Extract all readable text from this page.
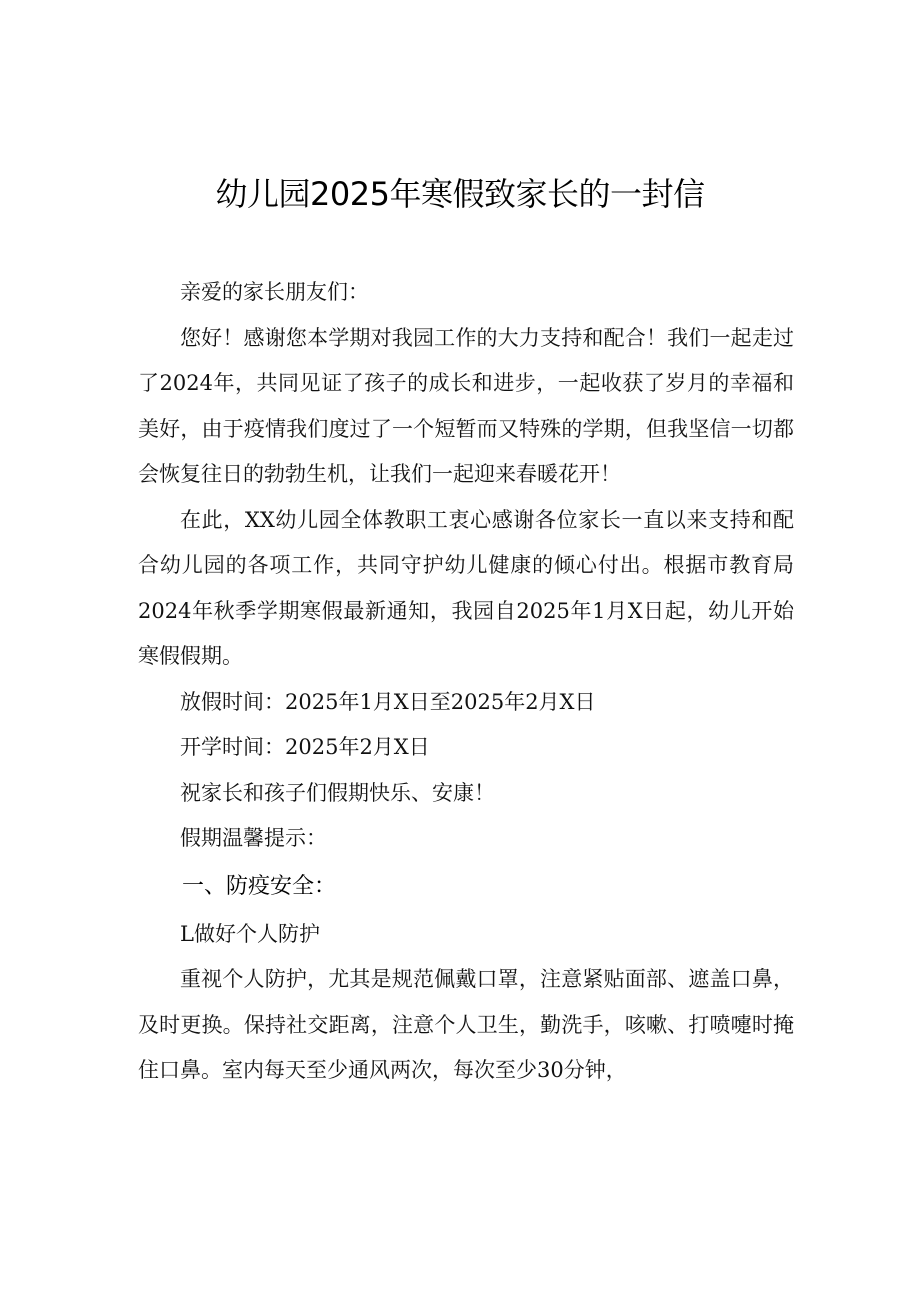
幼儿园2025年寒假致家长的一封信

亲爱的家长朋友们：

您好！感谢您本学期对我园工作的大力支持和配合！我们一起走过了2024年，共同见证了孩子的成长和进步，一起收获了岁月的幸福和美好，由于疫情我们度过了一个短暂而又特殊的学期，但我坚信一切都会恢复往日的勃勃生机，让我们一起迎来春暖花开！

在此，XX幼儿园全体教职工衷心感谢各位家长一直以来支持和配合幼儿园的各项工作，共同守护幼儿健康的倾心付出。根据市教育局2024年秋季学期寒假最新通知，我园自2025年1月X日起，幼儿开始寒假假期。

放假时间：2025年1月X日至2025年2月X日

开学时间：2025年2月X日

祝家长和孩子们假期快乐、安康！

假期温馨提示：

一、防疫安全：

L做好个人防护

重视个人防护，尤其是规范佩戴口罩，注意紧贴面部、遮盖口鼻，及时更换。保持社交距离，注意个人卫生，勤洗手，咳嗽、打喷嚏时掩住口鼻。室内每天至少通风两次，每次至少30分钟，
